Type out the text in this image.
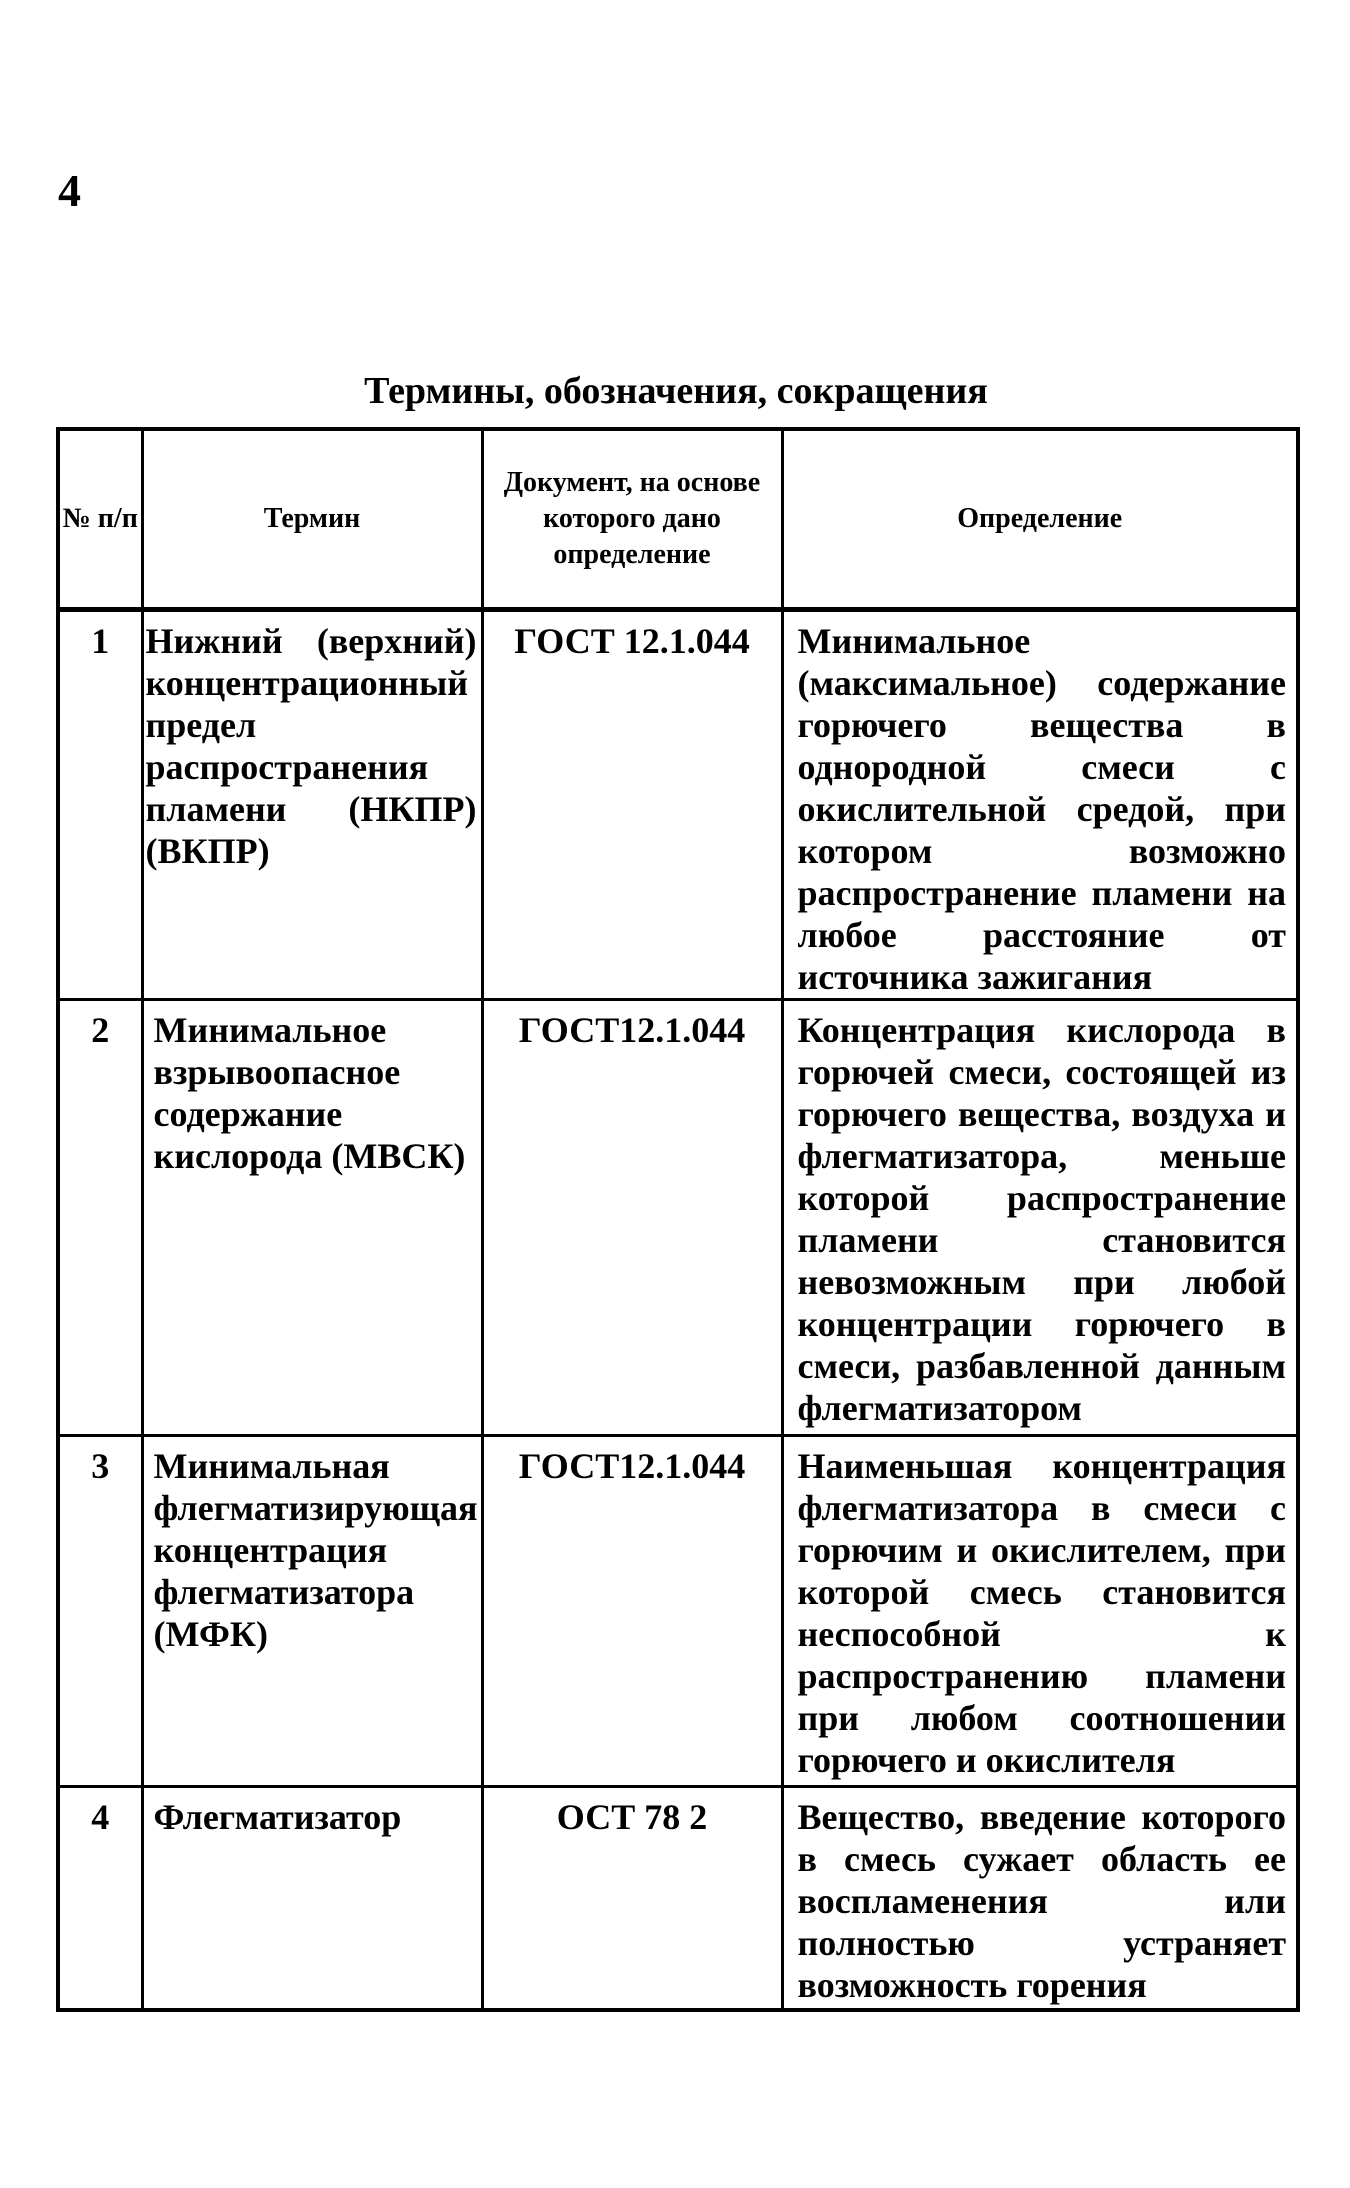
4
Термины, обозначения, сокращения
№ п/п	Термин	Документ, на основе которого дано определение	Определение
1	Нижний (верхний) концентрационный предел распространения пламени (НКПР) (ВКПР)	ГОСТ 12.1.044	Минимальное (максимальное) содержание горючего вещества в однородной смеси с окислительной средой, при котором возможно распространение пламени на любое расстояние от источника зажигания
2	Минимальное взрывоопасное содержание кислорода (МВСК)	ГОСТ12.1.044	Концентрация кислорода в горючей смеси, состоящей из горючего вещества, воздуха и флегматизатора, меньше которой распространение пламени становится невозможным при любой концентрации горючего в смеси, разбавленной данным флегматизатором
3	Минимальная флегматизирующая концентрация флегматизатора (МФК)	ГОСТ12.1.044	Наименьшая концентрация флегматизатора в смеси с горючим и окислителем, при которой смесь становится неспособной к распространению пламени при любом соотношении горючего и окислителя
4	Флегматизатор	ОСТ 78 2	Вещество, введение которого в смесь сужает область ее воспламенения или полностью устраняет возможность горения
